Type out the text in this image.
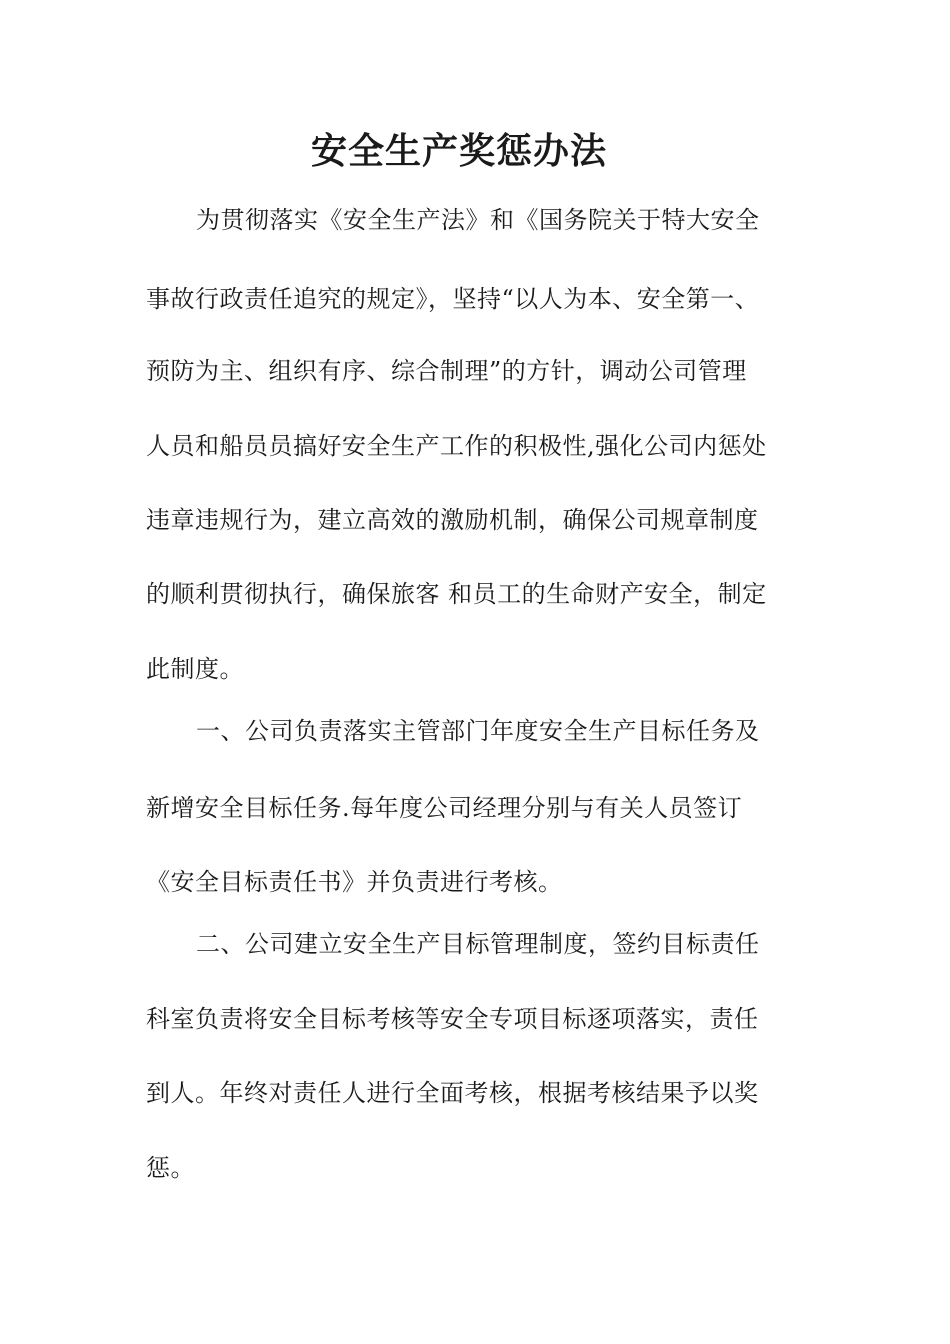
安全生产奖惩办法
为贯彻落实《安全生产法》和《国务院关于特大安全
事故行政责任追究的规定》，坚持“以人为本、安全第一、
预防为主、组织有序、综合制理”的方针，调动公司管理
人员和船员员搞好安全生产工作的积极性,强化公司内惩处
违章违规行为，建立高效的激励机制，确保公司规章制度
的顺利贯彻执行，确保旅客 和员工的生命财产安全，制定
此制度。
一、公司负责落实主管部门年度安全生产目标任务及
新增安全目标任务.每年度公司经理分别与有关人员签订
《安全目标责任书》并负责进行考核。
二、公司建立安全生产目标管理制度，签约目标责任
科室负责将安全目标考核等安全专项目标逐项落实，责任
到人。年终对责任人进行全面考核，根据考核结果予以奖
惩。
